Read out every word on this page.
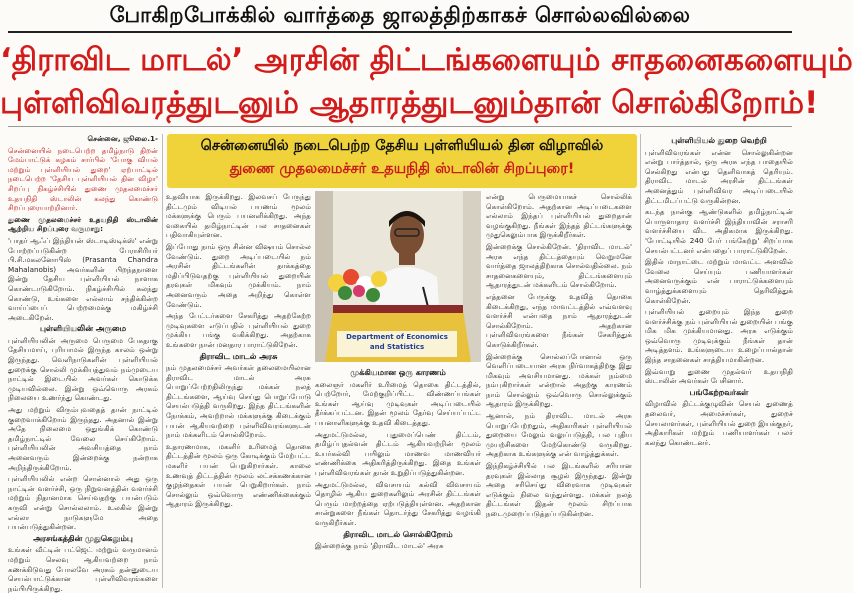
போகிறபோக்கில் வார்த்தை ஜாலத்திற்காகச் சொல்லவில்லை
‘திராவிட மாடல்’ அரசின் திட்டங்களையும் சாதனைகளையும்
புள்ளிவிவரத்துடனும் ஆதாரத்துடனும்தான் சொல்கிறோம்!

சென்னை, ஜூலை.1-

சென்னையில் நடைபெற்ற தமிழ்நாடு திறன் மேம்பாட்டுக் கழகம் சார்பில் 'போகு வியல் மற்றும் புள்ளியியல் துறை' ஏற்பாட்டில் நடைபெற்ற 'தேசிய புள்ளியியல் தின விழா' சிறப்பு நிகழ்ச்சியில் துணை முதலமைச்சர் உதயநிதி ஸ்டாலின் கலந்து கொண்டு சிறப்புரையாற்றினார்.

துணை முதலமைச்சர் உதயநிதி ஸ்டாலின் ஆற்றிய சிறப்புரை வருமாறு:

'பாதர் ஆஃப் இந்தியன் ஸ்டாடிஸ்டிக்ஸ்' என்று போற்றப்படுகின்ற பேராசிரியர் பி.சி.மகலனோபிஸ் (Prasanta Chandra Mahalanobis) அவர்களின் பிறந்தநாளை இன்று தேசிய புள்ளியியல் நாளாக கொண்டாடுகிறோம். நிகழ்ச்சியில் கலந்து கொண்டு, உங்களை எல்லாம் சந்திக்கின்ற வாய்ப்பைப் பெற்றமைக்கு மகிழ்ச்சி அடைகிறேன்.

புள்ளியியலின் அருமை

புள்ளியியலின் அருமை பெருமை பேசுதாகு தேசியமாய், புரியாமல் இருந்த காலம் ஒன்று இருந்தது. வெளிநாடுகளின் புள்ளியியல் துறைக்கு சொல்லி முக்கியத்துவம் நம்முடைய நாட்டில் இடையில் அவர்கள் கொடுக்க முடியவில்லை. இன்று ஒவ்வொரு அரசும் நிலையை உணர்ந்து கொண்டது.

அது மற்றும் விரும்புவதைத் தான் நாட்டில் குறைவாக்கிறோம் இருந்தது. அதனால் இன்று அதே நிலைமை ஒதுங்கிக் கொண்டு தமிழ்நாட்டில் வேலை செய்கிறோம். புள்ளியியலின் அவசியத்தை நாம் அனைவரும் இன்றைக்கு நன்றாக அறிந்திருக்கிறோம்.

புள்ளியியலில் என்ற சொன்னால் அது ஒரு நாட்டின் வளர்ச்சி, ஒரு நிறுவனத்தின் வளர்ச்சி மற்றும் நிதானமாக செய்வதற்கு பயன்படும் கருவி என்று சொல்லலாம். உலகில் இன்று எல்லா நாடுகளுமே அதை பயன்படுத்துகின்றன.

அரசங்கத்தின் முதுகெலும்பு

உங்கள் வீட்டின் பட்ஜெட் மற்றும் வருமானம் மற்றும் செலவு ஆகியவற்றை நாம் கணக்கிடுவது போலவே அரசும் தன்னுடைய செயல்பாட்டுக்கான புள்ளிவிவரங்களை நம்பியிருக்கிறது.

சென்னையில் நடைபெற்ற தேசிய புள்ளியியல் தின விழாவில்
துணை முதலமைச்சர் உதயநிதி ஸ்டாலின் சிறப்புரை!

உதவியாக இருக்கிறது. இலவசப் பேருந்து திட்டமும் விடியல் பயணம் மூலம் மக்களுக்கு பெரும் பயனளிக்கிறது. அந்த வகையில் தமிழ்நாட்டின் பல சாதனைகள் பதிவாகியுள்ளன.

இப்போது நாம் ஒரு சின்ன விஷயம் சொல்ல வேண்டும். துறை அடிப்படையில் நம் அரசின் திட்டங்களின் தாக்கத்தை மதிப்பிடுவதற்கு புள்ளியியல் துறையின் தரவுகள் மிகவும் முக்கியம். நாம் அனைவரும் அதை அறிந்து கொள்ள வேண்டும்.

அந்த பேட்டர்களை சேகரித்து அதற்கேற்ற முடிவுகளை எடுப்பதில் புள்ளியியல் துறை முக்கிய பங்கு வகிக்கிறது. அதற்காக உங்களை நான் மனதார பாராட்டுகிறேன்.

திராவிட மாடல் அரசு

நம் முதலமைச்சர் அவர்கள் தலைமையிலான திராவிட மாடல் அரசு பொறுப்பேற்றதிலிருந்து மக்கள் நலத் திட்டங்களை, ஆய்வு செய்து பொறுப்போடு செயல்படுத்தி வருகிறது. இந்த திட்டங்களின் நோக்கம், அவற்றால் மக்களுக்கு கிடைக்கும் பயன் ஆகியவற்றை புள்ளிவிவரங்களுடன் நாம் மக்களிடம் சொல்கிறோம்.

உதாரணமாக, மகளிர் உரிமைத் தொகை திட்டத்தின் மூலம் ஒரு கோடிக்கும் மேற்பட்ட மகளிர் பயன் பெறுகிறார்கள். காலை உணவுத் திட்டத்தின் மூலம் லட்சக்கணக்கான குழந்தைகள் பயன் பெறுகிறார்கள். நாம் சொல்லும் ஒவ்வொரு எண்ணிக்கைக்கும் ஆதாரம் இருக்கிறது.

Department of Economics
and Statistics

என்று பெருமையாகச் சொல்லிக் கொள்கிறோம். அதற்கான அடிப்படைகளை எல்லாம் இந்தப் புள்ளியியல் துறைதான் வழங்குகிறது. நீங்கள் இந்தத் திட்டங்களுக்கு முதுகெலும்பாக இருக்கிறீர்கள்.

இன்றைக்கு சொல்கிறேன். 'திராவிட மாடல்' அரசு எந்த திட்டத்தையும் வெறுமனே வார்த்தை ஜாலத்திற்காக சொல்வதில்லை. நம் சாதனைகளையும், திட்டங்களையும் ஆதாரத்துடன் மக்களிடம் சொல்கிறோம்.

எத்தனை பேருக்கு உதவித் தொகை கிடைக்கிறது, எந்த மாவட்டத்தில் எவ்வளவு வளர்ச்சி என்பதை நாம் ஆதாரத்துடன் சொல்கிறோம். அதற்கான புள்ளிவிவரங்களை நீங்கள் சேகரித்துக் கொடுக்கிறீர்கள்.

இன்றைக்கு சொல்லப்போனால் ஒரு வெளிப்படையான அரசு நிர்வாகத்திற்கு இது மிகவும் அவசியமானது. மக்கள் நம்மை நம்புகிறார்கள் என்றால் அதற்கு காரணம் நாம் சொல்லும் ஒவ்வொரு சொல்லுக்கும் ஆதாரம் இருக்கிறது.

ஆனால், நம் திராவிட மாடல் அரசு பொறுப்பேற்றதும், அதிகாரிகள் புள்ளியியல் துறையை மேலும் வலுப்படுத்தி, பல புதிய முயற்சிகளை மேற்கொண்டு வருகிறது. அதற்காக உங்களுக்கு என் வாழ்த்துக்கள்.

இந்நிகழ்ச்சியில் பல இடங்களில் சரியான தரவுகள் இல்லாத சூழல் இருந்தது. இன்று அதை சரிசெய்து விரைவாக முடிவுகள் எடுக்கும் நிலை வந்துள்ளது. மக்கள் நலத் திட்டங்கள் இதன் மூலம் சிறப்பாக நடைமுறைப்படுத்தப்படுகின்றன.

முக்கியமான ஒரு காரணம்

கலைஞர் மகளிர் உரிமைத் தொகை திட்டத்தில், பெற்றோர், மேற்குறிப்பிட்ட விண்ணப்பங்கள் உங்கள் ஆய்வு முடிவுகள் அடிப்படையில் தீர்க்கப்பட்டன. இதன் மூலம் தேர்வு செய்யப்பட்ட பயனாளிகளுக்கு உதவி கிடைத்தது.

அதுமட்டுமல்ல, புதுமைப்பெண் திட்டம், தமிழ்ப்புதல்வன் திட்டம் ஆகியவற்றின் மூலம் உயர்கல்வி பயிலும் மாணவ மாணவியர் எண்ணிக்கை அதிகரித்திருக்கிறது. இதை உங்கள் புள்ளிவிவரங்கள் தான் உறுதிப்படுத்துகின்றன.

அதுமட்டுமல்ல, விவசாயம் கல்வி விவசாயம் தொழில் ஆகிய துறைகளிலும் அரசின் திட்டங்கள் பெரும் மாற்றத்தை ஏற்படுத்தியுள்ளன. அதற்கான சான்றுகளை நீங்கள் தொடர்ந்து சேகரித்து வழங்கி வருகிறீர்கள்.

திராவிட மாடல் சொல்கிறோம்

இன்றைக்கு நாம் 'திராவிட மாடல்' அரசு

புள்ளியியல் துறை வெற்றி

புள்ளிவிவரங்கள் என்ன சொல்லுகின்றன என்று பார்த்தால், ஒரு அரசு எந்த பாதையில் செல்கிறது என்பது தெளிவாகத் தெரியும். திராவிட மாடல் அரசின் திட்டங்கள் அனைத்தும் புள்ளிவிவர அடிப்படையில் திட்டமிடப்பட்டு வருகின்றன.

கடந்த நான்கு ஆண்டுகளில் தமிழ்நாட்டின் பொருளாதார வளர்ச்சி இந்தியாவின் சராசரி வளர்ச்சியை விட அதிகமாக இருக்கிறது. 'போட்டியில் 240 பேர் பங்கேற்று' சிறப்பாக செயல்பட்டனர் என்பதைப் பாராட்டுகிறேன்.

இதில் மாநாட்டை மற்றும் மாவட்ட அளவில் வேலை செய்யும் பணியாளர்கள் அனைவருக்கும் என் பாராட்டுக்களையும் வாழ்த்துக்களையும் தெரிவித்துக் கொள்கிறேன்.

புள்ளியியல் துறையும் இந்த துறை வளர்ச்சிக்கு நம் புள்ளியியல் துறையின் பங்கு மிக மிக முக்கியமானது. அரசு எடுக்கும் ஒவ்வொரு முடிவுக்கும் நீங்கள் தான் அடித்தளம். உங்களுடைய உழைப்பால்தான் இந்த சாதனைகள் சாத்தியமாகின்றன.

இவ்வாறு துணை முதல்வர் உதயநிதி ஸ்டாலின் அவர்கள் பேசினார்.

பங்கேற்றவர்கள்

விழாவில் திட்டக்குழுவின் செயல் துணைத் தலைவர், அமைச்சர்கள், துறைச் செயலாளர்கள், புள்ளியியல் துறை இயக்குநர், அதிகாரிகள் மற்றும் பணியாளர்கள் பலர் கலந்து கொண்டனர்.
